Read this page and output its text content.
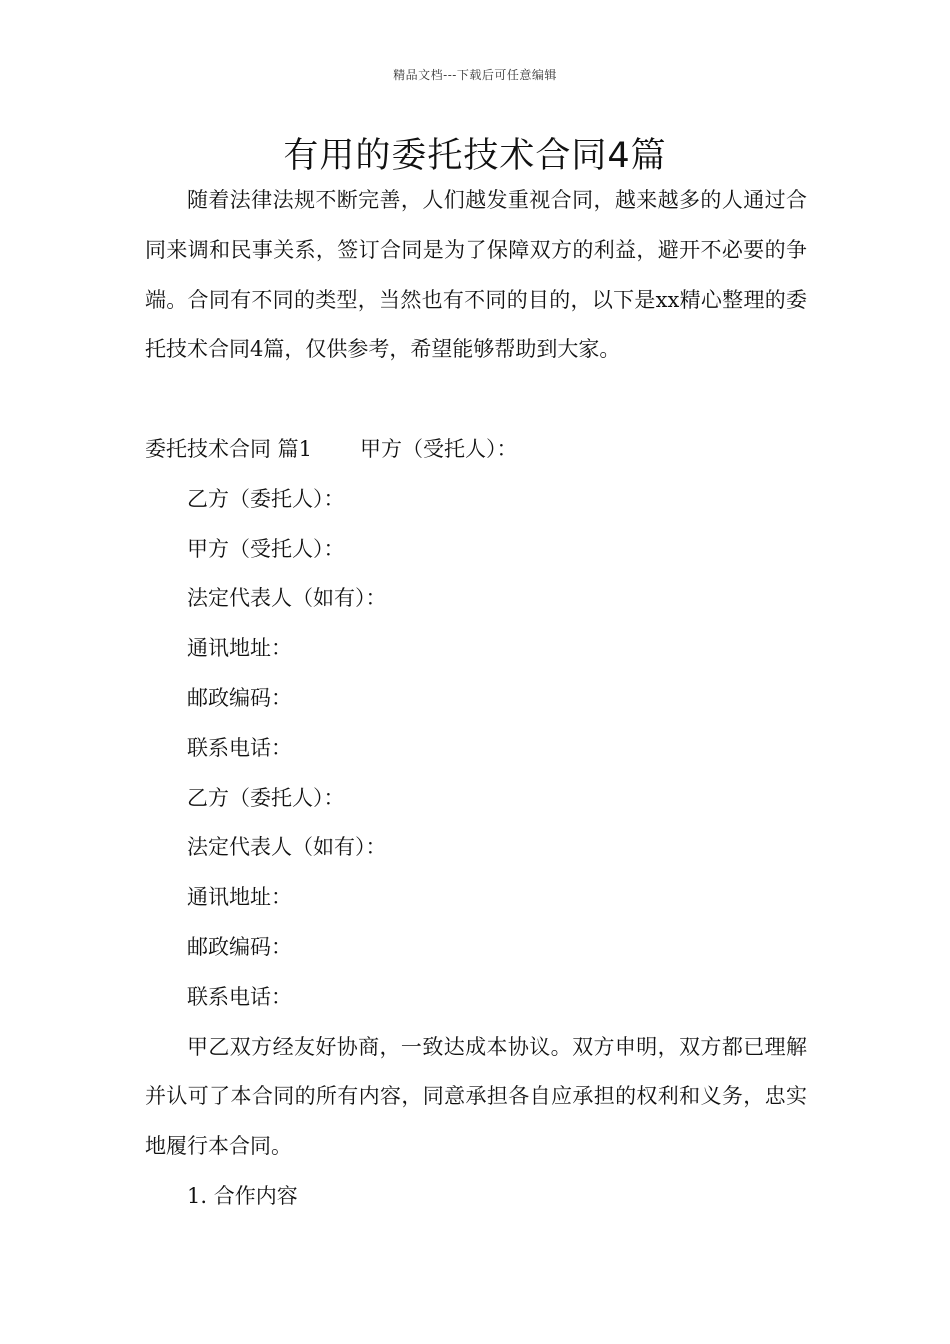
精品文档---下载后可任意编辑
有用的委托技术合同4篇

随着法律法规不断完善，人们越发重视合同，越来越多的人通过合同来调和民事关系，签订合同是为了保障双方的利益，避开不必要的争端。合同有不同的类型，当然也有不同的目的，以下是xx精心整理的委托技术合同4篇，仅供参考，希望能够帮助到大家。

委托技术合同 篇1 甲方（受托人）：

乙方（委托人）：

甲方（受托人）：

法定代表人（如有）：

通讯地址：

邮政编码：

联系电话：

乙方（委托人）：

法定代表人（如有）：

通讯地址：

邮政编码：

联系电话：

甲乙双方经友好协商，一致达成本协议。双方申明，双方都已理解并认可了本合同的所有内容，同意承担各自应承担的权利和义务，忠实地履行本合同。

1. 合作内容
